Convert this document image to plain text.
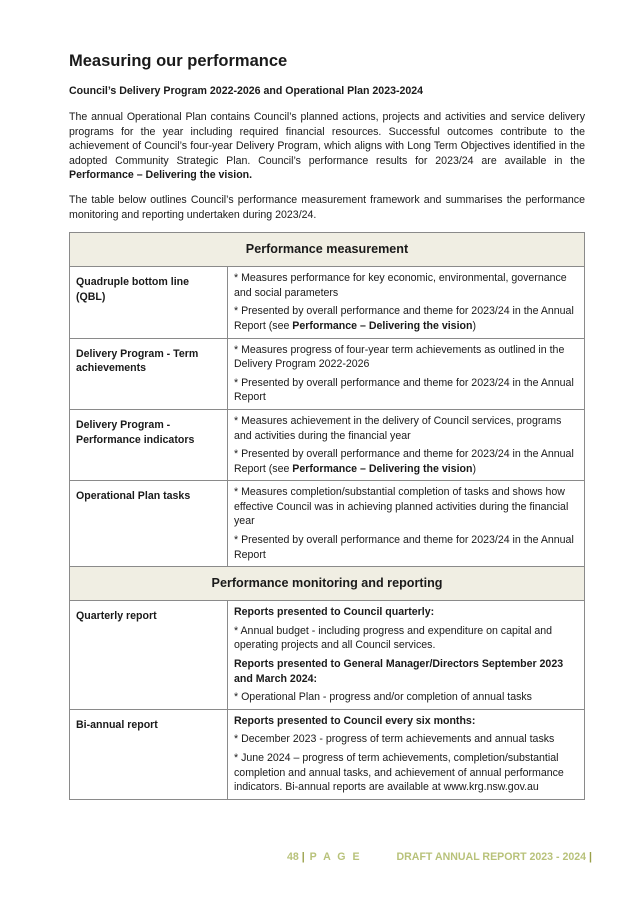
Measuring our performance
Council’s Delivery Program 2022-2026 and Operational Plan 2023-2024

The annual Operational Plan contains Council’s planned actions, projects and activities and service delivery programs for the year including required financial resources. Successful outcomes contribute to the achievement of Council’s four-year Delivery Program, which aligns with Long Term Objectives identified in the adopted Community Strategic Plan. Council’s performance results for 2023/24 are available in the Performance – Delivering the vision.

The table below outlines Council’s performance measurement framework and summarises the performance monitoring and reporting undertaken during 2023/24.

Performance measurement	
Quadruple bottom line (QBL)	* Measures performance for key economic, environmental, governance and social parameters

* Presented by overall performance and theme for 2023/24 in the Annual Report (see Performance – Delivering the vision)

Delivery Program - Term achievements	* Measures progress of four-year term achievements as outlined in the Delivery Program 2022-2026

* Presented by overall performance and theme for 2023/24 in the Annual Report

Delivery Program - Performance indicators	* Measures achievement in the delivery of Council services, programs and activities during the financial year

* Presented by overall performance and theme for 2023/24 in the Annual Report (see Performance – Delivering the vision)

Operational Plan tasks	* Measures completion/substantial completion of tasks and shows how effective Council was in achieving planned activities during the financial year

* Presented by overall performance and theme for 2023/24 in the Annual Report

Performance monitoring and reporting	
Quarterly report	Reports presented to Council quarterly:

* Annual budget - including progress and expenditure on capital and operating projects and all Council services.

Reports presented to General Manager/Directors September 2023 and March 2024:

* Operational Plan - progress and/or completion of annual tasks

Bi-annual report	Reports presented to Council every six months:

* December 2023 - progress of term achievements and annual tasks

* June 2024 – progress of term achievements, completion/substantial completion and annual tasks, and achievement of annual performance indicators. Bi-annual reports are available at www.krg.nsw.gov.au

48 | P A G E	DRAFT ANNUAL REPORT 2023 - 2024 |
